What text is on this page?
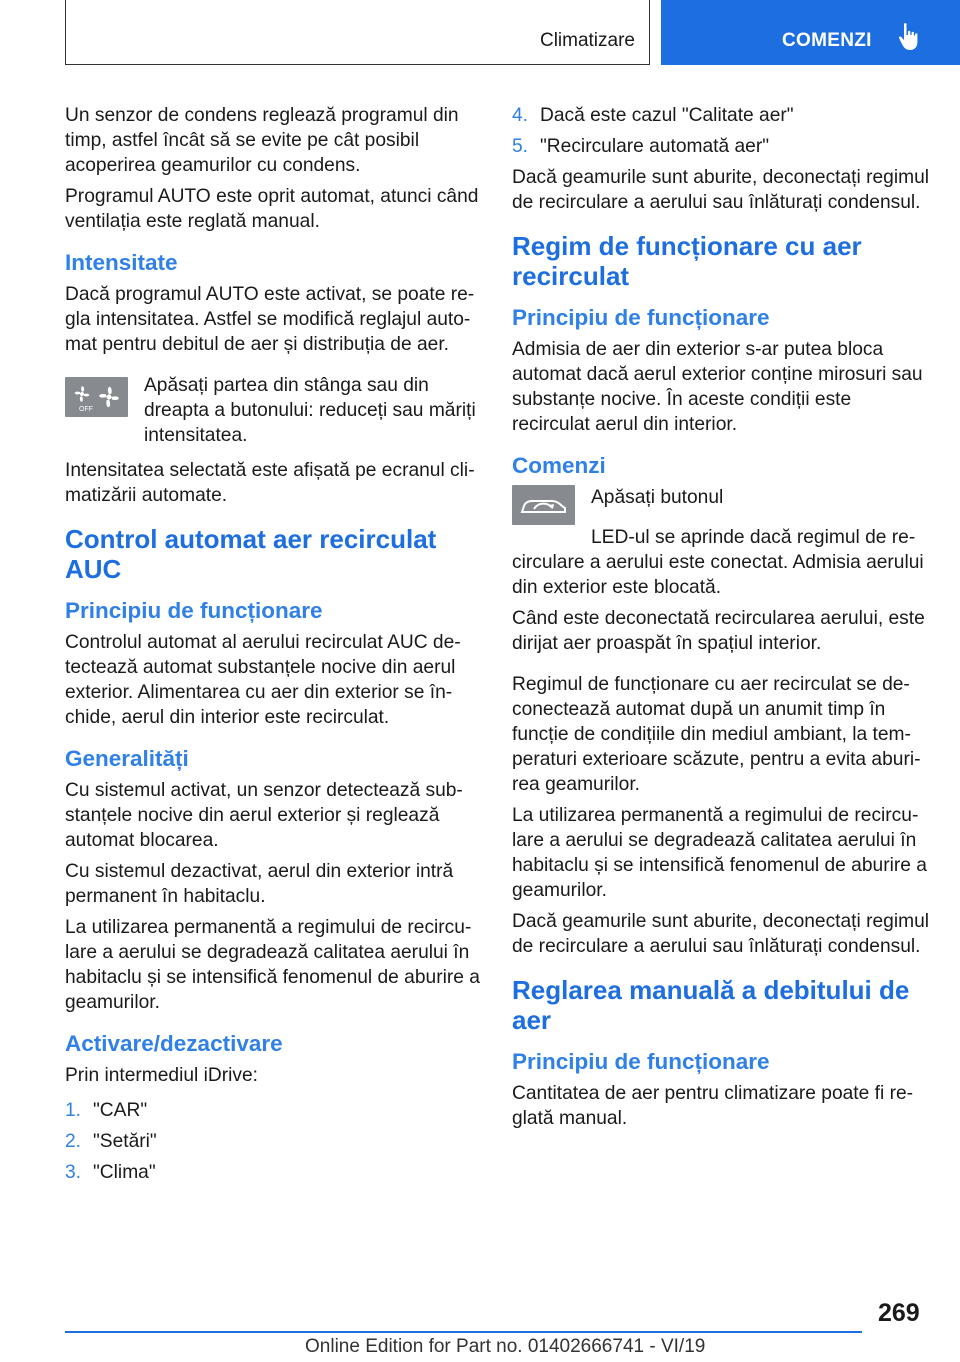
Climatizare	COMENZI

Un senzor de condens reglează programul din timp, astfel încât să se evite pe cât posibil acoperirea geamurilor cu condens.

Programul AUTO este oprit automat, atunci când ventilația este reglată manual.

Intensitate

Dacă programul AUTO este activat, se poate regla intensitatea. Astfel se modifică reglajul automat pentru debitul de aer și distribuția de aer.

OFF
Apăsați partea din stânga sau din dreapta a butonului: reduceți sau măriți intensitatea.

Intensitatea selectată este afișată pe ecranul climatizării automate.

Control automat aer recirculat AUC
Principiu de funcționare

Controlul automat al aerului recirculat AUC detectează automat substanțele nocive din aerul exterior. Alimentarea cu aer din exterior se închide, aerul din interior este recirculat.

Generalități

Cu sistemul activat, un senzor detectează substanțele nocive din aerul exterior și reglează automat blocarea.

Cu sistemul dezactivat, aerul din exterior intră permanent în habitaclu.

La utilizarea permanentă a regimului de recirculare a aerului se degradează calitatea aerului în habitaclu și se intensifică fenomenul de aburire a geamurilor.

Activare/dezactivare

Prin intermediul iDrive:

1. "CAR"
2. "Setări"
3. "Clima"
4. Dacă este cazul "Calitate aer"
5. "Recirculare automată aer"

Dacă geamurile sunt aburite, deconectați regimul de recirculare a aerului sau înlăturați condensul.

Regim de funcționare cu aer recirculat
Principiu de funcționare

Admisia de aer din exterior s-ar putea bloca automat dacă aerul exterior conține mirosuri sau substanțe nocive. În aceste condiții este recirculat aerul din interior.

Comenzi
Apăsați butonul

LED-ul se aprinde dacă regimul de recirculare a aerului este conectat. Admisia aerului din exterior este blocată.

Când este deconectată recircularea aerului, este dirijat aer proaspăt în spațiul interior.

Regimul de funcționare cu aer recirculat se deconectează automat după un anumit timp în funcție de condițiile din mediul ambiant, la temperaturi exterioare scăzute, pentru a evita aburirea geamurilor.

La utilizarea permanentă a regimului de recirculare a aerului se degradează calitatea aerului în habitaclu și se intensifică fenomenul de aburire a geamurilor.

Dacă geamurile sunt aburite, deconectați regimul de recirculare a aerului sau înlăturați condensul.

Reglarea manuală a debitului de aer
Principiu de funcționare

Cantitatea de aer pentru climatizare poate fi reglată manual.

269
Online Edition for Part no. 01402666741 - VI/19
